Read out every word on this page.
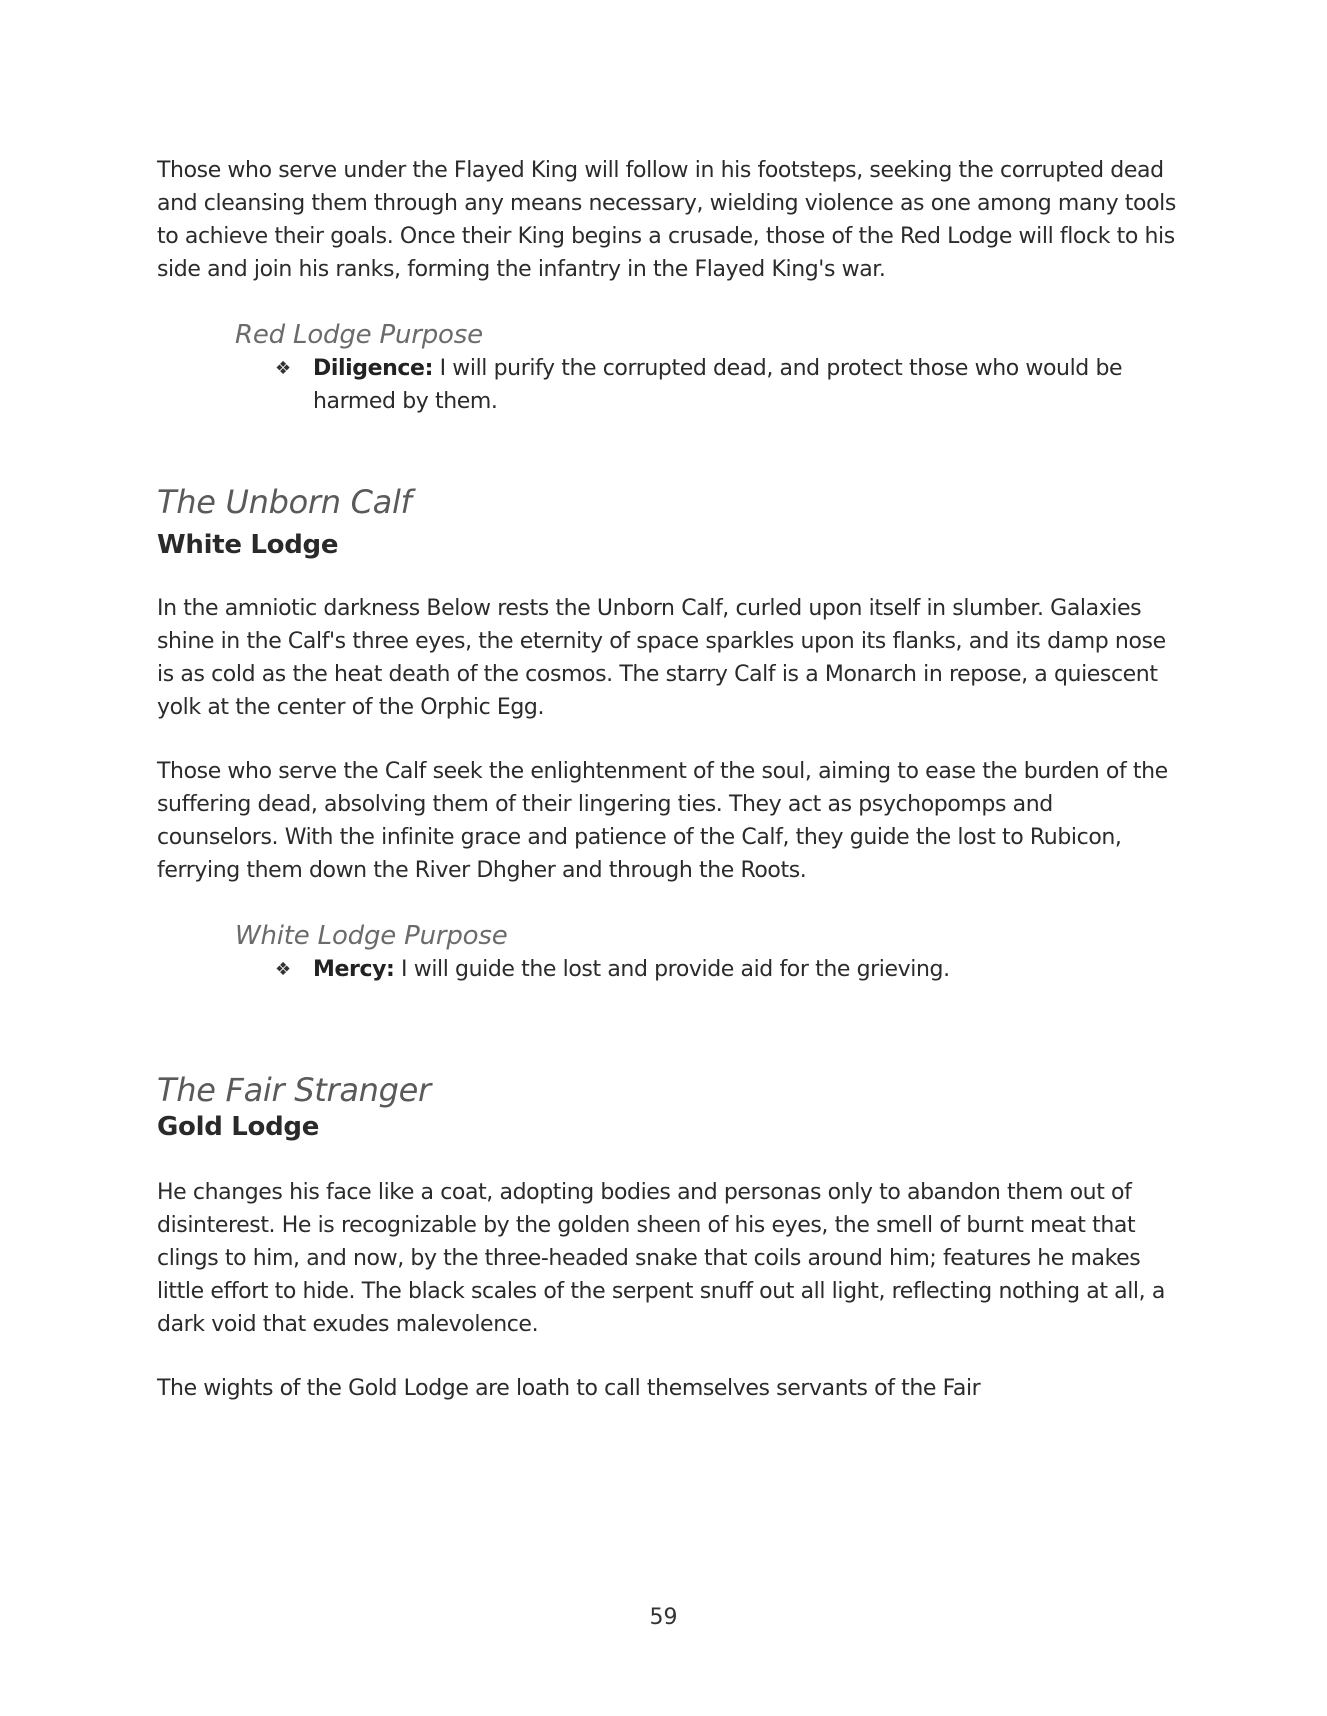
Those who serve under the Flayed King will follow in his footsteps, seeking the corrupted dead and cleansing them through any means necessary, wielding violence as one among many tools to achieve their goals. Once their King begins a crusade, those of the Red Lodge will flock to his side and join his ranks, forming the infantry in the Flayed King's war.

Red Lodge Purpose
❖ Diligence: I will purify the corrupted dead, and protect those who would be harmed by them.
The Unborn Calf
White Lodge

In the amniotic darkness Below rests the Unborn Calf, curled upon itself in slumber. Galaxies shine in the Calf's three eyes, the eternity of space sparkles upon its flanks, and its damp nose is as cold as the heat death of the cosmos. The starry Calf is a Monarch in repose, a quiescent yolk at the center of the Orphic Egg.

Those who serve the Calf seek the enlightenment of the soul, aiming to ease the burden of the suffering dead, absolving them of their lingering ties. They act as psychopomps and counselors. With the infinite grace and patience of the Calf, they guide the lost to Rubicon, ferrying them down the River Dhgher and through the Roots.

White Lodge Purpose
❖ Mercy: I will guide the lost and provide aid for the grieving.
The Fair Stranger
Gold Lodge

He changes his face like a coat, adopting bodies and personas only to abandon them out of disinterest. He is recognizable by the golden sheen of his eyes, the smell of burnt meat that clings to him, and now, by the three-headed snake that coils around him; features he makes little effort to hide. The black scales of the serpent snuff out all light, reflecting nothing at all, a dark void that exudes malevolence.

The wights of the Gold Lodge are loath to call themselves servants of the Fair

59
